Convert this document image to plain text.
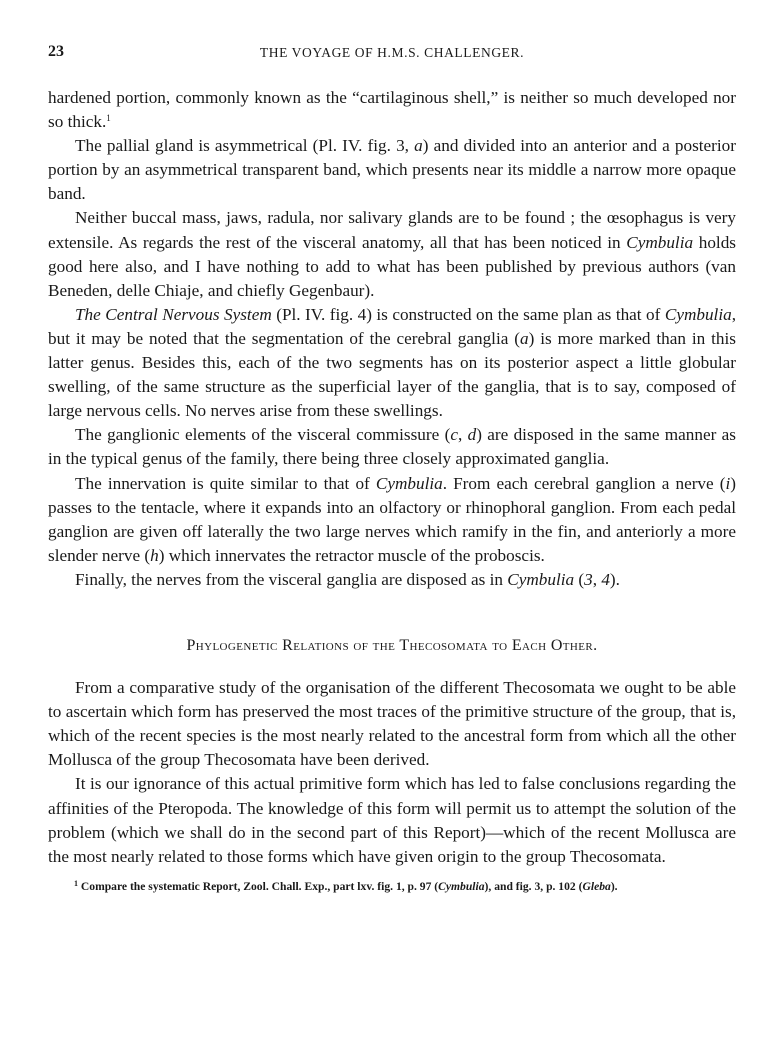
23	THE VOYAGE OF H.M.S. CHALLENGER.

hardened portion, commonly known as the “cartilaginous shell,” is neither so much developed nor so thick.$^1$

The pallial gland is asymmetrical (Pl. IV. fig. 3, a) and divided into an anterior and a posterior portion by an asymmetrical transparent band, which presents near its middle a narrow more opaque band.

Neither buccal mass, jaws, radula, nor salivary glands are to be found ; the œsophagus is very extensile. As regards the rest of the visceral anatomy, all that has been noticed in Cymbulia holds good here also, and I have nothing to add to what has been published by previous authors (van Beneden, delle Chiaje, and chiefly Gegenbaur).

The Central Nervous System (Pl. IV. fig. 4) is constructed on the same plan as that of Cymbulia, but it may be noted that the segmentation of the cerebral ganglia (a) is more marked than in this latter genus. Besides this, each of the two segments has on its posterior aspect a little globular swelling, of the same structure as the superficial layer of the ganglia, that is to say, composed of large nervous cells. No nerves arise from these swellings.

The ganglionic elements of the visceral commissure (c, d) are disposed in the same manner as in the typical genus of the family, there being three closely approximated ganglia.

The innervation is quite similar to that of Cymbulia. From each cerebral ganglion a nerve (i) passes to the tentacle, where it expands into an olfactory or rhinophoral ganglion. From each pedal ganglion are given off laterally the two large nerves which ramify in the fin, and anteriorly a more slender nerve (h) which innervates the retractor muscle of the proboscis.

Finally, the nerves from the visceral ganglia are disposed as in Cymbulia (3, 4).

Phylogenetic Relations of the Thecosomata to Each Other.

From a comparative study of the organisation of the different Thecosomata we ought to be able to ascertain which form has preserved the most traces of the primitive structure of the group, that is, which of the recent species is the most nearly related to the ancestral form from which all the other Mollusca of the group Thecosomata have been derived.

It is our ignorance of this actual primitive form which has led to false conclusions regarding the affinities of the Pteropoda. The knowledge of this form will permit us to attempt the solution of the problem (which we shall do in the second part of this Report)—which of the recent Mollusca are the most nearly related to those forms which have given origin to the group Thecosomata.

$^1$ Compare the systematic Report, Zool. Chall. Exp., part lxv. fig. 1, p. 97 (Cymbulia), and fig. 3, p. 102 (Gleba).
